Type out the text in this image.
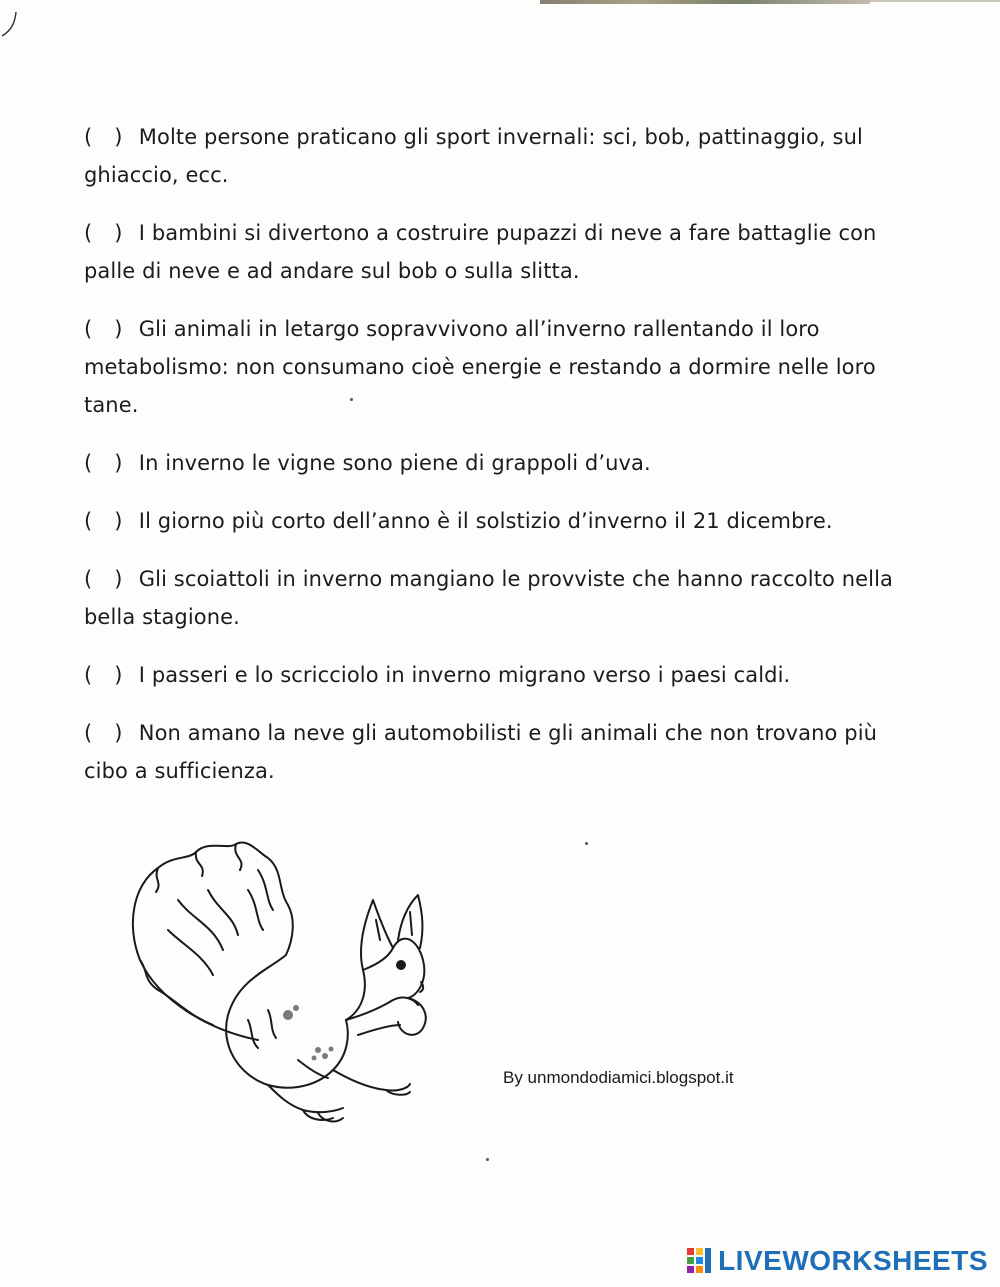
( ) Molte persone praticano gli sport invernali: sci, bob, pattinaggio, sul ghiaccio, ecc.
( ) I bambini si divertono a costruire pupazzi di neve a fare battaglie con palle di neve e ad andare sul bob o sulla slitta.
( ) Gli animali in letargo sopravvivono all’inverno rallentando il loro metabolismo: non consumano cioè energie e restando a dormire nelle loro tane.
( ) In inverno le vigne sono piene di grappoli d’uva.
( ) Il giorno più corto dell’anno è il solstizio d’inverno il 21 dicembre.
( ) Gli scoiattoli in inverno mangiano le provviste che hanno raccolto nella bella stagione.
( ) I passeri e lo scricciolo in inverno migrano verso i paesi caldi.
( ) Non amano la neve gli automobilisti e gli animali che non trovano più cibo a sufficienza.
By unmondodiamici.blogspot.it
LIVEWORKSHEETS
